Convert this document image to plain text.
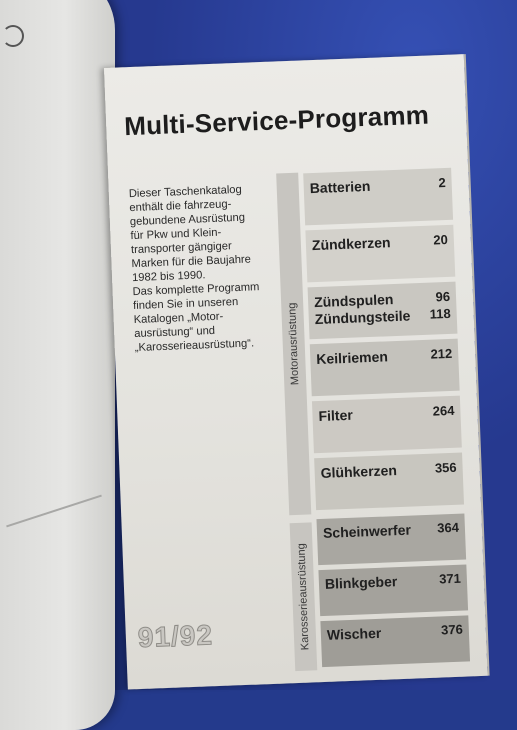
Multi-Service-Programm
Dieser Taschenkatalog
enthält die fahrzeug-
gebundene Ausrüstung
für Pkw und Klein-
transporter gängiger
Marken für die Baujahre
1982 bis 1990.
Das komplette Programm
finden Sie in unseren
Katalogen „Motor-
ausrüstung“ und
„Karosserieausrüstung“.	Motorausrüstung
Karosserieausrüstung
Batterien	2
Zündkerzen	20
Zündspulen	96
Zündungsteile 118
Keilriemen	212
Filter	264
Glühkerzen	356
Scheinwerfer 364
Blinkgeber	371
Wischer	376
91/92
